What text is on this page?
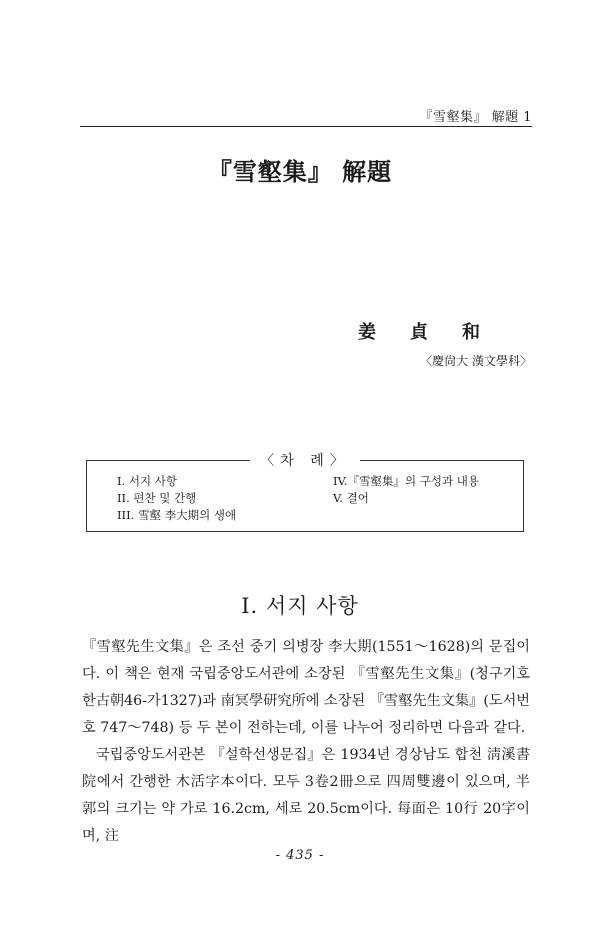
『雪壑集』 解題 1
『雪壑集』 解題
姜貞和
〈慶尙大 漢文學科〉
〈차 례〉
I. 서지 사항
II. 편찬 및 간행
III. 雪壑 李大期의 생애
IV.『雪壑集』의 구성과 내용
V. 결어
I. 서지 사항

『雪壑先生文集』은 조선 중기 의병장 李大期(1551～1628)의 문집이다. 이 책은 현재 국립중앙도서관에 소장된 『雪壑先生文集』(청구기호 한古朝46-가1327)과 南冥學研究所에 소장된 『雪壑先生文集』(도서번호 747～748) 등 두 본이 전하는데, 이를 나누어 정리하면 다음과 같다.

국립중앙도서관본 『설학선생문집』은 1934년 경상남도 합천 淸溪書院에서 간행한 木活字本이다. 모두 3卷2冊으로 四周雙邊이 있으며, 半郭의 크기는 약 가로 16.2cm, 세로 20.5cm이다. 每面은 10行 20字이며, 注

- 435 -
